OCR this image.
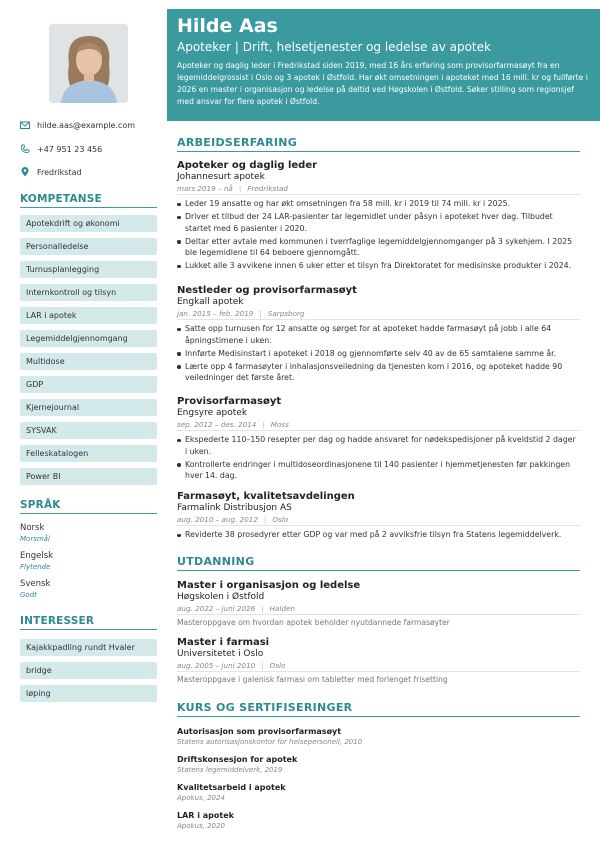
hilde.aas@example.com
+47 951 23 456
Fredrikstad
KOMPETANSE
Apotekdrift og økonomi
Personalledelse
Turnusplanlegging
Internkontroll og tilsyn
LAR i apotek
Legemiddelgjennomgang
Multidose
GDP
Kjernejournal
SYSVAK
Felleskatalogen
Power BI
SPRÅK
Norsk
Morsmål
Engelsk
Flytende
Svensk
Godt
INTERESSER
Kajakkpadling rundt Hvaler
bridge
løping
Hilde Aas
Apoteker | Drift, helsetjenester og ledelse av apotek
Apoteker og daglig leder i Fredrikstad siden 2019, med 16 års erfaring som provisorfarmasøyt fra en legemiddelgrossist i Oslo og 3 apotek i Østfold. Har økt omsetningen i apoteket med 16 mill. kr og fullførte i 2026 en master i organisasjon og ledelse på deltid ved Høgskolen i Østfold. Søker stilling som regionsjef med ansvar for flere apotek i Østfold.
ARBEIDSERFARING
Apoteker og daglig leder
Johannesurt apotek
mars 2019 – nå | Fredrikstad
Leder 19 ansatte og har økt omsetningen fra 58 mill. kr i 2019 til 74 mill. kr i 2025.
Driver et tilbud der 24 LAR-pasienter tar legemidlet under påsyn i apoteket hver dag. Tilbudet startet med 6 pasienter i 2020.
Deltar etter avtale med kommunen i tverrfaglige legemiddelgjennomganger på 3 sykehjem. I 2025 ble legemidlene til 64 beboere gjennomgått.
Lukket alle 3 avvikene innen 6 uker etter et tilsyn fra Direktoratet for medisinske produkter i 2024.
Nestleder og provisorfarmasøyt
Engkall apotek
jan. 2015 – feb. 2019 | Sarpsborg
Satte opp turnusen for 12 ansatte og sørget for at apoteket hadde farmasøyt på jobb i alle 64 åpningstimene i uken.
Innførte Medisinstart i apoteket i 2018 og gjennomførte selv 40 av de 65 samtalene samme år.
Lærte opp 4 farmasøyter i inhalasjonsveiledning da tjenesten kom i 2016, og apoteket hadde 90 veiledninger det første året.
Provisorfarmasøyt
Engsyre apotek
sep. 2012 – des. 2014 | Moss
Ekspederte 110–150 resepter per dag og hadde ansvaret for nødekspedisjoner på kveldstid 2 dager i uken.
Kontrollerte endringer i multidoseordinasjonene til 140 pasienter i hjemmetjenesten før pakkingen hver 14. dag.
Farmasøyt, kvalitetsavdelingen
Farmalink Distribusjon AS
aug. 2010 – aug. 2012 | Oslo
Reviderte 38 prosedyrer etter GDP og var med på 2 avviksfrie tilsyn fra Statens legemiddelverk.
UTDANNING
Master i organisasjon og ledelse
Høgskolen i Østfold
aug. 2022 – juni 2026 | Halden
Masteroppgave om hvordan apotek beholder nyutdannede farmasøyter
Master i farmasi
Universitetet i Oslo
aug. 2005 – juni 2010 | Oslo
Masteroppgave i galenisk farmasi om tabletter med forlenget frisetting
KURS OG SERTIFISERINGER
Autorisasjon som provisorfarmasøyt
Statens autorisasjonskontor for helsepersonell, 2010
Driftskonsesjon for apotek
Statens legemiddelverk, 2019
Kvalitetsarbeid i apotek
Apokus, 2024
LAR i apotek
Apokus, 2020
